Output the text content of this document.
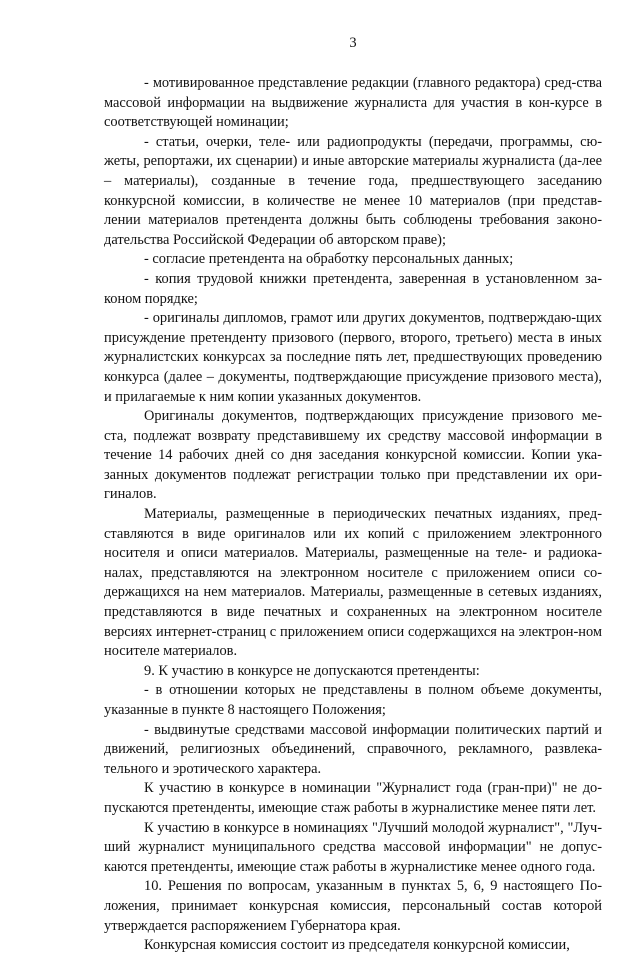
3

- мотивированное представление редакции (главного редактора) сред-ства массовой информации на выдвижение журналиста для участия в кон-курсе в соответствующей номинации;

- статьи, очерки, теле- или радиопродукты (передачи, программы, сю-жеты, репортажи, их сценарии) и иные авторские материалы журналиста (да-лее – материалы), созданные в течение года, предшествующего заседанию конкурсной комиссии, в количестве не менее 10 материалов (при представ-лении материалов претендента должны быть соблюдены требования законо-дательства Российской Федерации об авторском праве);

- согласие претендента на обработку персональных данных;

- копия трудовой книжки претендента, заверенная в установленном за-коном порядке;

- оригиналы дипломов, грамот или других документов, подтверждаю-щих присуждение претенденту призового (первого, второго, третьего) места в иных журналистских конкурсах за последние пять лет, предшествующих проведению конкурса (далее – документы, подтверждающие присуждение призового места), и прилагаемые к ним копии указанных документов.

Оригиналы документов, подтверждающих присуждение призового ме-ста, подлежат возврату представившему их средству массовой информации в течение 14 рабочих дней со дня заседания конкурсной комиссии. Копии ука-занных документов подлежат регистрации только при представлении их ори-гиналов.

Материалы, размещенные в периодических печатных изданиях, пред-ставляются в виде оригиналов или их копий с приложением электронного носителя и описи материалов. Материалы, размещенные на теле- и радиока-налах, представляются на электронном носителе с приложением описи со-держащихся на нем материалов. Материалы, размещенные в сетевых изданиях, представляются в виде печатных и сохраненных на электронном носителе версиях интернет-страниц с приложением описи содержащихся на электрон-ном носителе материалов.

9. К участию в конкурсе не допускаются претенденты:

- в отношении которых не представлены в полном объеме документы, указанные в пункте 8 настоящего Положения;

- выдвинутые средствами массовой информации политических партий и движений, религиозных объединений, справочного, рекламного, развлека-тельного и эротического характера.

К участию в конкурсе в номинации "Журналист года (гран-при)" не до-пускаются претенденты, имеющие стаж работы в журналистике менее пяти лет.

К участию в конкурсе в номинациях "Лучший молодой журналист", "Луч-ший журналист муниципального средства массовой информации" не допус-каются претенденты, имеющие стаж работы в журналистике менее одного года.

10. Решения по вопросам, указанным в пунктах 5, 6, 9 настоящего По-ложения, принимает конкурсная комиссия, персональный состав которой утверждается распоряжением Губернатора края.

Конкурсная комиссия состоит из председателя конкурсной комиссии,
